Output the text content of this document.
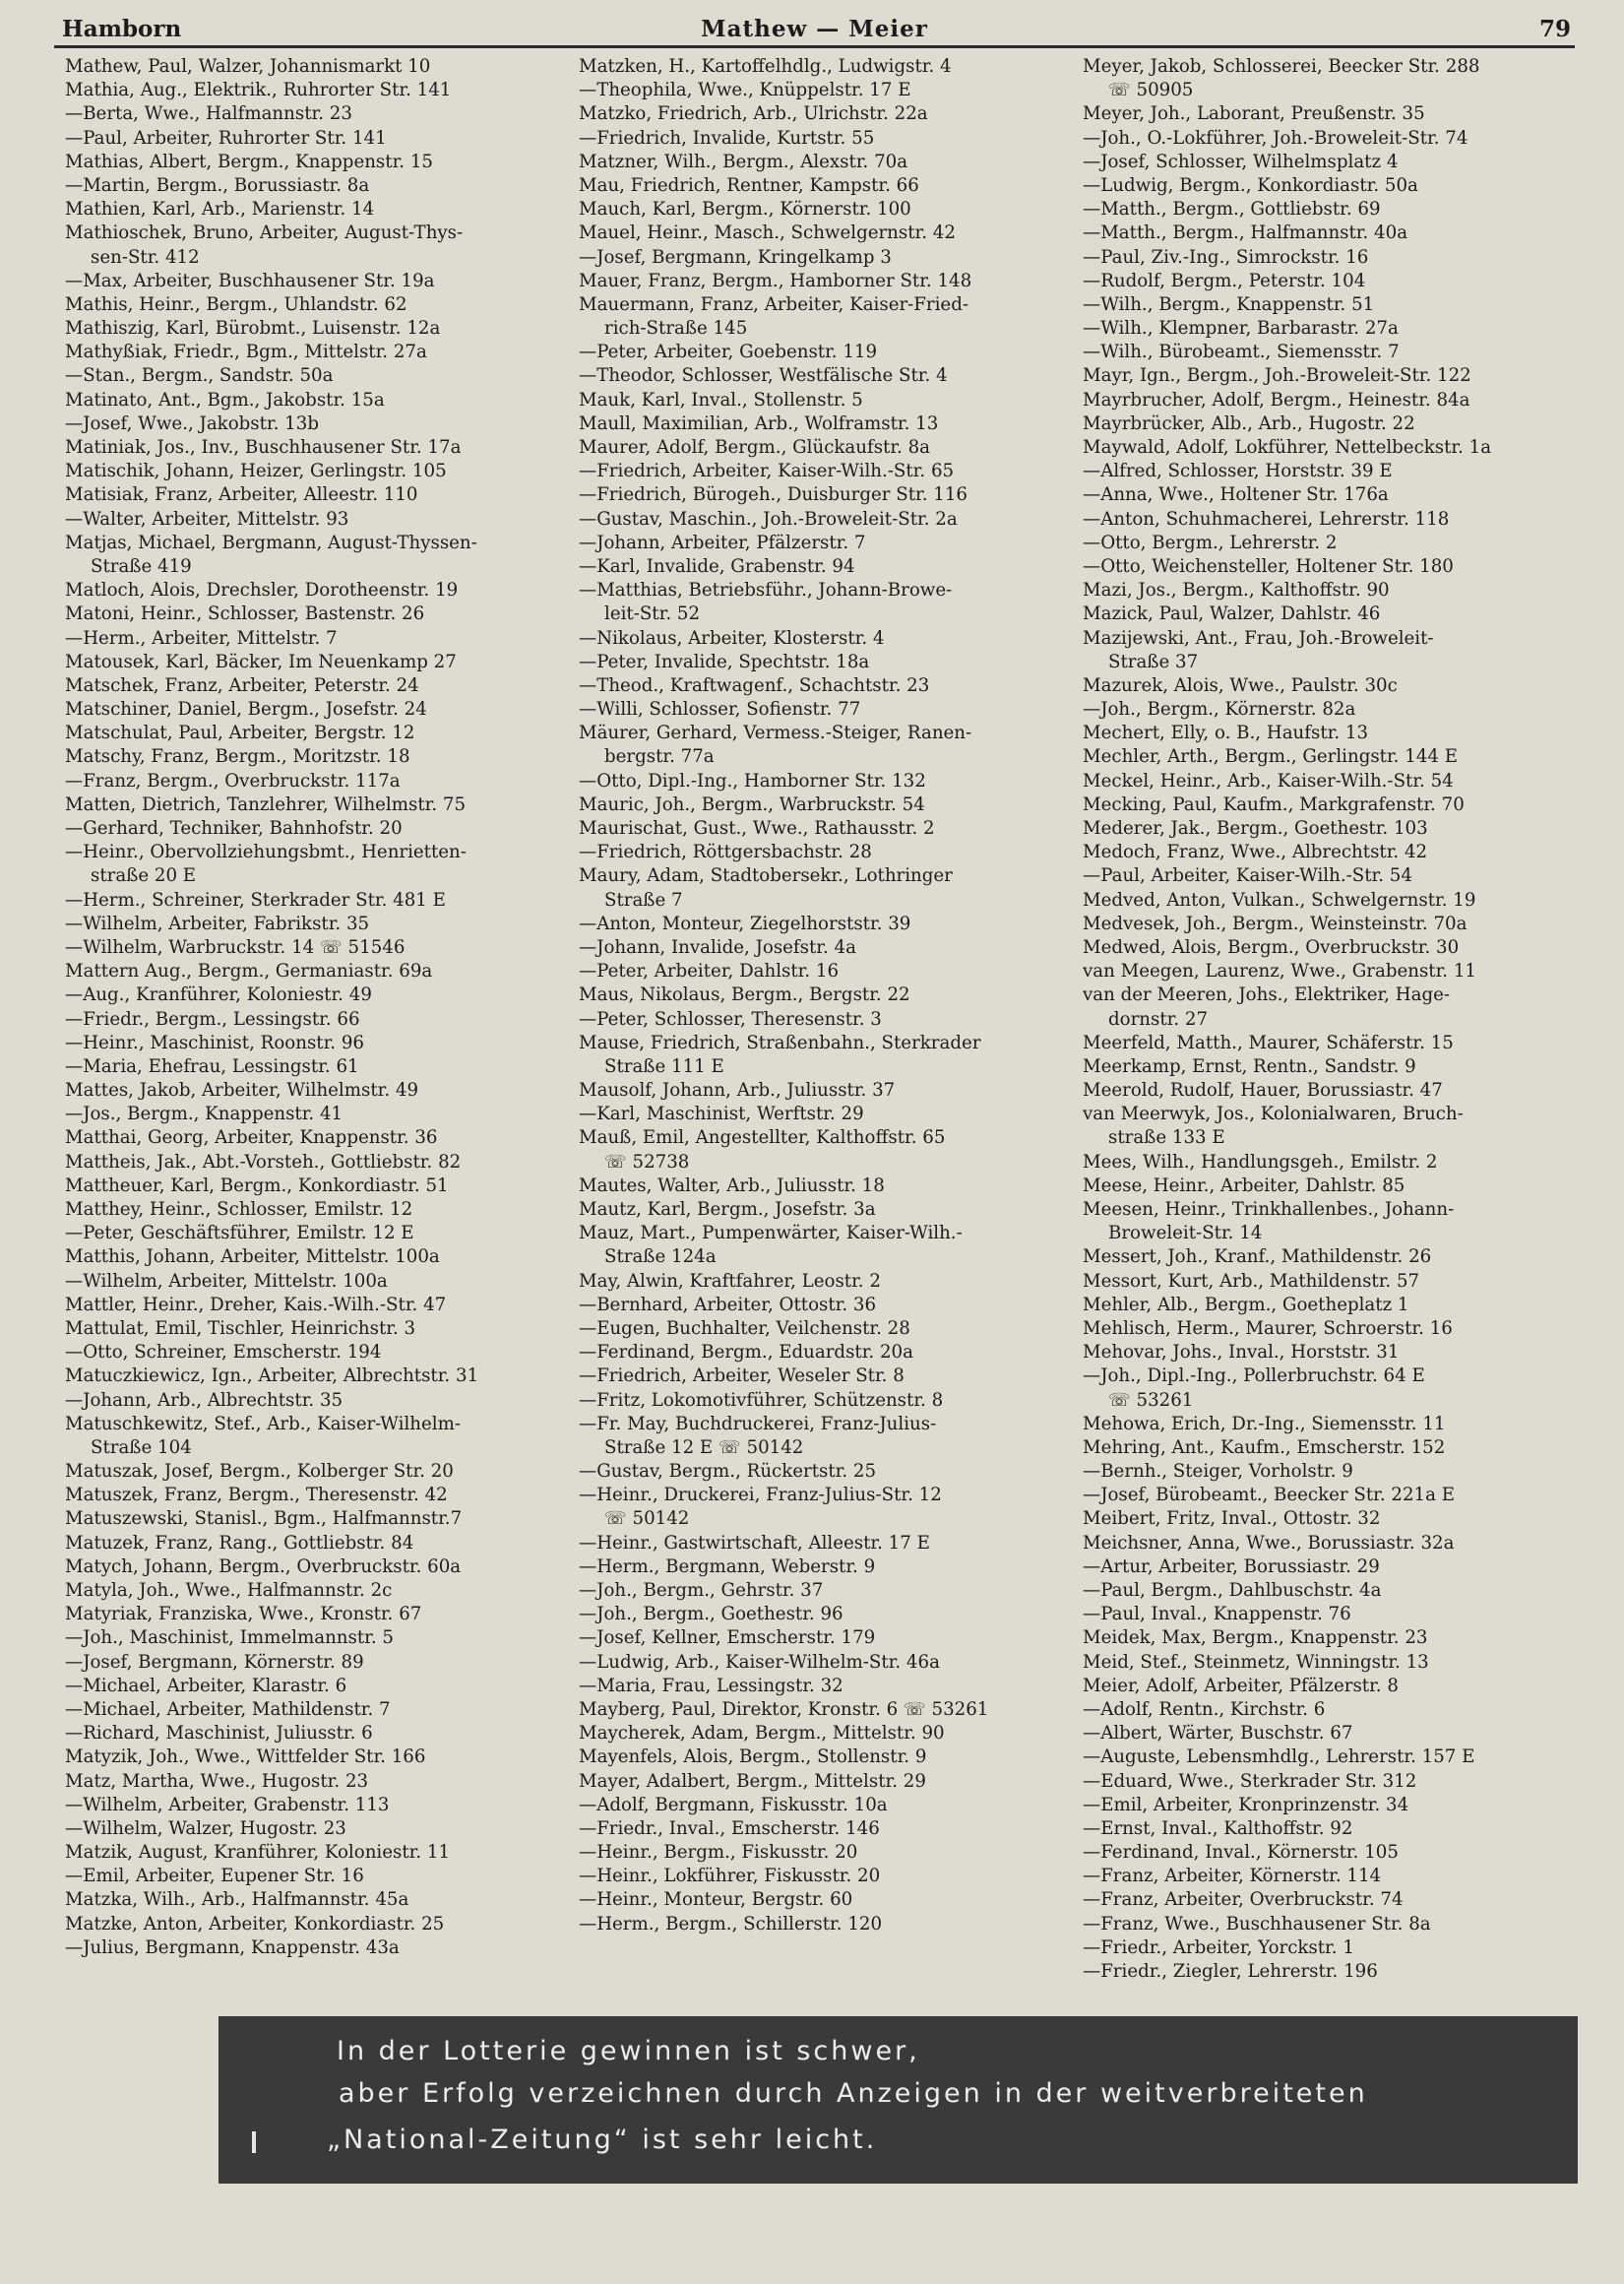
Hamborn	Mathew — Meier	79
Mathew, Paul, Walzer, Johannismarkt 10
Mathia, Aug., Elektrik., Ruhrorter Str. 141
—Berta, Wwe., Halfmannstr. 23
—Paul, Arbeiter, Ruhrorter Str. 141
Mathias, Albert, Bergm., Knappenstr. 15
—Martin, Bergm., Borussiastr. 8a
Mathien, Karl, Arb., Marienstr. 14
Mathioschek, Bruno, Arbeiter, August-Thys-
sen-Str. 412
—Max, Arbeiter, Buschhausener Str. 19a
Mathis, Heinr., Bergm., Uhlandstr. 62
Mathiszig, Karl, Bürobmt., Luisenstr. 12a
Mathyßiak, Friedr., Bgm., Mittelstr. 27a
—Stan., Bergm., Sandstr. 50a
Matinato, Ant., Bgm., Jakobstr. 15a
—Josef, Wwe., Jakobstr. 13b
Matiniak, Jos., Inv., Buschhausener Str. 17a
Matischik, Johann, Heizer, Gerlingstr. 105
Matisiak, Franz, Arbeiter, Alleestr. 110
—Walter, Arbeiter, Mittelstr. 93
Matjas, Michael, Bergmann, August-Thyssen-
Straße 419
Matloch, Alois, Drechsler, Dorotheenstr. 19
Matoni, Heinr., Schlosser, Bastenstr. 26
—Herm., Arbeiter, Mittelstr. 7
Matousek, Karl, Bäcker, Im Neuenkamp 27
Matschek, Franz, Arbeiter, Peterstr. 24
Matschiner, Daniel, Bergm., Josefstr. 24
Matschulat, Paul, Arbeiter, Bergstr. 12
Matschy, Franz, Bergm., Moritzstr. 18
—Franz, Bergm., Overbruckstr. 117a
Matten, Dietrich, Tanzlehrer, Wilhelmstr. 75
—Gerhard, Techniker, Bahnhofstr. 20
—Heinr., Obervollziehungsbmt., Henrietten-
straße 20 E
—Herm., Schreiner, Sterkrader Str. 481 E
—Wilhelm, Arbeiter, Fabrikstr. 35
—Wilhelm, Warbruckstr. 14 ☏ 51546
Mattern Aug., Bergm., Germaniastr. 69a
—Aug., Kranführer, Koloniestr. 49
—Friedr., Bergm., Lessingstr. 66
—Heinr., Maschinist, Roonstr. 96
—Maria, Ehefrau, Lessingstr. 61
Mattes, Jakob, Arbeiter, Wilhelmstr. 49
—Jos., Bergm., Knappenstr. 41
Matthai, Georg, Arbeiter, Knappenstr. 36
Mattheis, Jak., Abt.-Vorsteh., Gottliebstr. 82
Mattheuer, Karl, Bergm., Konkordiastr. 51
Matthey, Heinr., Schlosser, Emilstr. 12
—Peter, Geschäftsführer, Emilstr. 12 E
Matthis, Johann, Arbeiter, Mittelstr. 100a
—Wilhelm, Arbeiter, Mittelstr. 100a
Mattler, Heinr., Dreher, Kais.-Wilh.-Str. 47
Mattulat, Emil, Tischler, Heinrichstr. 3
—Otto, Schreiner, Emscherstr. 194
Matuczkiewicz, Ign., Arbeiter, Albrechtstr. 31
—Johann, Arb., Albrechtstr. 35
Matuschkewitz, Stef., Arb., Kaiser-Wilhelm-
Straße 104
Matuszak, Josef, Bergm., Kolberger Str. 20
Matuszek, Franz, Bergm., Theresenstr. 42
Matuszewski, Stanisl., Bgm., Halfmannstr.7
Matuzek, Franz, Rang., Gottliebstr. 84
Matych, Johann, Bergm., Overbruckstr. 60a
Matyla, Joh., Wwe., Halfmannstr. 2c
Matyriak, Franziska, Wwe., Kronstr. 67
—Joh., Maschinist, Immelmannstr. 5
—Josef, Bergmann, Körnerstr. 89
—Michael, Arbeiter, Klarastr. 6
—Michael, Arbeiter, Mathildenstr. 7
—Richard, Maschinist, Juliusstr. 6
Matyzik, Joh., Wwe., Wittfelder Str. 166
Matz, Martha, Wwe., Hugostr. 23
—Wilhelm, Arbeiter, Grabenstr. 113
—Wilhelm, Walzer, Hugostr. 23
Matzik, August, Kranführer, Koloniestr. 11
—Emil, Arbeiter, Eupener Str. 16
Matzka, Wilh., Arb., Halfmannstr. 45a
Matzke, Anton, Arbeiter, Konkordiastr. 25
—Julius, Bergmann, Knappenstr. 43a
Matzken, H., Kartoffelhdlg., Ludwigstr. 4
—Theophila, Wwe., Knüppelstr. 17 E
Matzko, Friedrich, Arb., Ulrichstr. 22a
—Friedrich, Invalide, Kurtstr. 55
Matzner, Wilh., Bergm., Alexstr. 70a
Mau, Friedrich, Rentner, Kampstr. 66
Mauch, Karl, Bergm., Körnerstr. 100
Mauel, Heinr., Masch., Schwelgernstr. 42
—Josef, Bergmann, Kringelkamp 3
Mauer, Franz, Bergm., Hamborner Str. 148
Mauermann, Franz, Arbeiter, Kaiser-Fried-
rich-Straße 145
—Peter, Arbeiter, Goebenstr. 119
—Theodor, Schlosser, Westfälische Str. 4
Mauk, Karl, Inval., Stollenstr. 5
Maull, Maximilian, Arb., Wolframstr. 13
Maurer, Adolf, Bergm., Glückaufstr. 8a
—Friedrich, Arbeiter, Kaiser-Wilh.-Str. 65
—Friedrich, Bürogeh., Duisburger Str. 116
—Gustav, Maschin., Joh.-Broweleit-Str. 2a
—Johann, Arbeiter, Pfälzerstr. 7
—Karl, Invalide, Grabenstr. 94
—Matthias, Betriebsführ., Johann-Browe-
leit-Str. 52
—Nikolaus, Arbeiter, Klosterstr. 4
—Peter, Invalide, Spechtstr. 18a
—Theod., Kraftwagenf., Schachtstr. 23
—Willi, Schlosser, Sofienstr. 77
Mäurer, Gerhard, Vermess.-Steiger, Ranen-
bergstr. 77a
—Otto, Dipl.-Ing., Hamborner Str. 132
Mauric, Joh., Bergm., Warbruckstr. 54
Maurischat, Gust., Wwe., Rathausstr. 2
—Friedrich, Röttgersbachstr. 28
Maury, Adam, Stadtobersekr., Lothringer
Straße 7
—Anton, Monteur, Ziegelhorststr. 39
—Johann, Invalide, Josefstr. 4a
—Peter, Arbeiter, Dahlstr. 16
Maus, Nikolaus, Bergm., Bergstr. 22
—Peter, Schlosser, Theresenstr. 3
Mause, Friedrich, Straßenbahn., Sterkrader
Straße 111 E
Mausolf, Johann, Arb., Juliusstr. 37
—Karl, Maschinist, Werftstr. 29
Mauß, Emil, Angestellter, Kalthoffstr. 65
☏ 52738
Mautes, Walter, Arb., Juliusstr. 18
Mautz, Karl, Bergm., Josefstr. 3a
Mauz, Mart., Pumpenwärter, Kaiser-Wilh.-
Straße 124a
May, Alwin, Kraftfahrer, Leostr. 2
—Bernhard, Arbeiter, Ottostr. 36
—Eugen, Buchhalter, Veilchenstr. 28
—Ferdinand, Bergm., Eduardstr. 20a
—Friedrich, Arbeiter, Weseler Str. 8
—Fritz, Lokomotivführer, Schützenstr. 8
—Fr. May, Buchdruckerei, Franz-Julius-
Straße 12 E ☏ 50142
—Gustav, Bergm., Rückertstr. 25
—Heinr., Druckerei, Franz-Julius-Str. 12
☏ 50142
—Heinr., Gastwirtschaft, Alleestr. 17 E
—Herm., Bergmann, Weberstr. 9
—Joh., Bergm., Gehrstr. 37
—Joh., Bergm., Goethestr. 96
—Josef, Kellner, Emscherstr. 179
—Ludwig, Arb., Kaiser-Wilhelm-Str. 46a
—Maria, Frau, Lessingstr. 32
Mayberg, Paul, Direktor, Kronstr. 6 ☏ 53261
Maycherek, Adam, Bergm., Mittelstr. 90
Mayenfels, Alois, Bergm., Stollenstr. 9
Mayer, Adalbert, Bergm., Mittelstr. 29
—Adolf, Bergmann, Fiskusstr. 10a
—Friedr., Inval., Emscherstr. 146
—Heinr., Bergm., Fiskusstr. 20
—Heinr., Lokführer, Fiskusstr. 20
—Heinr., Monteur, Bergstr. 60
—Herm., Bergm., Schillerstr. 120
Meyer, Jakob, Schlosserei, Beecker Str. 288
☏ 50905
Meyer, Joh., Laborant, Preußenstr. 35
—Joh., O.-Lokführer, Joh.-Broweleit-Str. 74
—Josef, Schlosser, Wilhelmsplatz 4
—Ludwig, Bergm., Konkordiastr. 50a
—Matth., Bergm., Gottliebstr. 69
—Matth., Bergm., Halfmannstr. 40a
—Paul, Ziv.-Ing., Simrockstr. 16
—Rudolf, Bergm., Peterstr. 104
—Wilh., Bergm., Knappenstr. 51
—Wilh., Klempner, Barbarastr. 27a
—Wilh., Bürobeamt., Siemensstr. 7
Mayr, Ign., Bergm., Joh.-Broweleit-Str. 122
Mayrbrucher, Adolf, Bergm., Heinestr. 84a
Mayrbrücker, Alb., Arb., Hugostr. 22
Maywald, Adolf, Lokführer, Nettelbeckstr. 1a
—Alfred, Schlosser, Horststr. 39 E
—Anna, Wwe., Holtener Str. 176a
—Anton, Schuhmacherei, Lehrerstr. 118
—Otto, Bergm., Lehrerstr. 2
—Otto, Weichensteller, Holtener Str. 180
Mazi, Jos., Bergm., Kalthoffstr. 90
Mazick, Paul, Walzer, Dahlstr. 46
Mazijewski, Ant., Frau, Joh.-Broweleit-
Straße 37
Mazurek, Alois, Wwe., Paulstr. 30c
—Joh., Bergm., Körnerstr. 82a
Mechert, Elly, o. B., Haufstr. 13
Mechler, Arth., Bergm., Gerlingstr. 144 E
Meckel, Heinr., Arb., Kaiser-Wilh.-Str. 54
Mecking, Paul, Kaufm., Markgrafenstr. 70
Mederer, Jak., Bergm., Goethestr. 103
Medoch, Franz, Wwe., Albrechtstr. 42
—Paul, Arbeiter, Kaiser-Wilh.-Str. 54
Medved, Anton, Vulkan., Schwelgernstr. 19
Medvesek, Joh., Bergm., Weinsteinstr. 70a
Medwed, Alois, Bergm., Overbruckstr. 30
van Meegen, Laurenz, Wwe., Grabenstr. 11
van der Meeren, Johs., Elektriker, Hage-
dornstr. 27
Meerfeld, Matth., Maurer, Schäferstr. 15
Meerkamp, Ernst, Rentn., Sandstr. 9
Meerold, Rudolf, Hauer, Borussiastr. 47
van Meerwyk, Jos., Kolonialwaren, Bruch-
straße 133 E
Mees, Wilh., Handlungsgeh., Emilstr. 2
Meese, Heinr., Arbeiter, Dahlstr. 85
Meesen, Heinr., Trinkhallenbes., Johann-
Broweleit-Str. 14
Messert, Joh., Kranf., Mathildenstr. 26
Messort, Kurt, Arb., Mathildenstr. 57
Mehler, Alb., Bergm., Goetheplatz 1
Mehlisch, Herm., Maurer, Schroerstr. 16
Mehovar, Johs., Inval., Horststr. 31
—Joh., Dipl.-Ing., Pollerbruchstr. 64 E
☏ 53261
Mehowa, Erich, Dr.-Ing., Siemensstr. 11
Mehring, Ant., Kaufm., Emscherstr. 152
—Bernh., Steiger, Vorholstr. 9
—Josef, Bürobeamt., Beecker Str. 221a E
Meibert, Fritz, Inval., Ottostr. 32
Meichsner, Anna, Wwe., Borussiastr. 32a
—Artur, Arbeiter, Borussiastr. 29
—Paul, Bergm., Dahlbuschstr. 4a
—Paul, Inval., Knappenstr. 76
Meidek, Max, Bergm., Knappenstr. 23
Meid, Stef., Steinmetz, Winningstr. 13
Meier, Adolf, Arbeiter, Pfälzerstr. 8
—Adolf, Rentn., Kirchstr. 6
—Albert, Wärter, Buschstr. 67
—Auguste, Lebensmhdlg., Lehrerstr. 157 E
—Eduard, Wwe., Sterkrader Str. 312
—Emil, Arbeiter, Kronprinzenstr. 34
—Ernst, Inval., Kalthoffstr. 92
—Ferdinand, Inval., Körnerstr. 105
—Franz, Arbeiter, Körnerstr. 114
—Franz, Arbeiter, Overbruckstr. 74
—Franz, Wwe., Buschhausener Str. 8a
—Friedr., Arbeiter, Yorckstr. 1
—Friedr., Ziegler, Lehrerstr. 196
In der Lotterie gewinnen ist schwer,
aber Erfolg verzeichnen durch Anzeigen in der weitverbreiteten
„National-Zeitung“ ist sehr leicht.
